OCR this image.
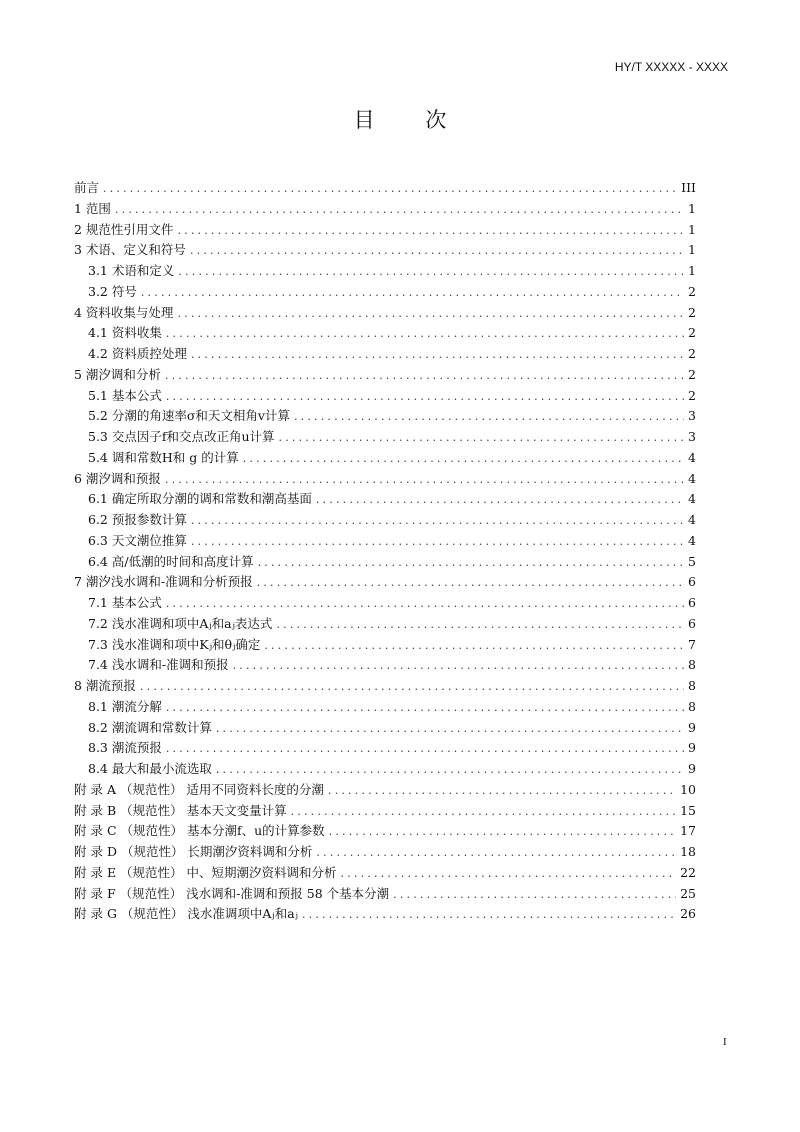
HY/T XXXXX - XXXX
目 次
前言 .....	III
1 范围 .....	1
2 规范性引用文件 .....	1
3 术语、定义和符号 .....	1
3.1 术语和定义 .....	1
3.2 符号 .....	2
4 资料收集与处理 .....	2
4.1 资料收集 .....	2
4.2 资料质控处理 .....	2
5 潮汐调和分析 .....	2
5.1 基本公式 .....	2
5.2 分潮的角速率σ和天文相角v计算 .....	3
5.3 交点因子f和交点改正角u计算 .....	3
5.4 调和常数H和 g 的计算 .....	4
6 潮汐调和预报 .....	4
6.1 确定所取分潮的调和常数和潮高基面 .....	4
6.2 预报参数计算 .....	4
6.3 天文潮位推算 .....	4
6.4 高/低潮的时间和高度计算 .....	5
7 潮汐浅水调和-准调和分析预报 .....	6
7.1 基本公式 .....	6
7.2 浅水准调和项中Aⱼ和aⱼ表达式 .....	6
7.3 浅水准调和项中Kⱼ和θⱼ确定 .....	7
7.4 浅水调和-准调和预报 .....	8
8 潮流预报 .....	8
8.1 潮流分解 .....	8
8.2 潮流调和常数计算 .....	9
8.3 潮流预报 .....	9
8.4 最大和最小流选取 .....	9
附 录 A （规范性） 适用不同资料长度的分潮 .....	10
附 录 B （规范性） 基本天文变量计算 .....	15
附 录 C （规范性） 基本分潮f、u的计算参数 .....	17
附 录 D （规范性） 长期潮汐资料调和分析 .....	18
附 录 E （规范性） 中、短期潮汐资料调和分析 .....	22
附 录 F （规范性） 浅水调和-准调和预报 58 个基本分潮 .....	25
附 录 G （规范性） 浅水准调项中Aⱼ和aⱼ .....	26
I
